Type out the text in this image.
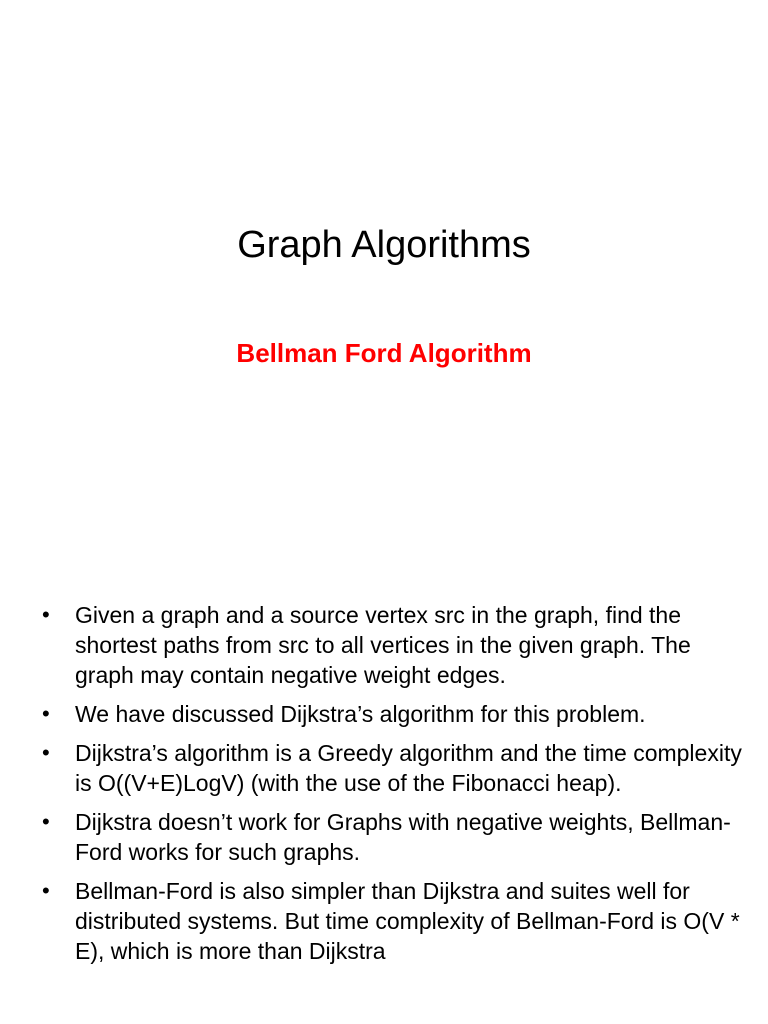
Graph Algorithms
Bellman Ford Algorithm
•	Given a graph and a source vertex src in the graph, find the shortest paths from src to all vertices in the given graph. The graph may contain negative weight edges.
•	We have discussed Dijkstra’s algorithm for this problem.
•	Dijkstra’s algorithm is a Greedy algorithm and the time complexity is O((V+E)LogV) (with the use of the Fibonacci heap).
•	Dijkstra doesn’t work for Graphs with negative weights, Bellman-Ford works for such graphs.
•	Bellman-Ford is also simpler than Dijkstra and suites well for distributed systems. But time complexity of Bellman-Ford is O(V * E), which is more than Dijkstra
